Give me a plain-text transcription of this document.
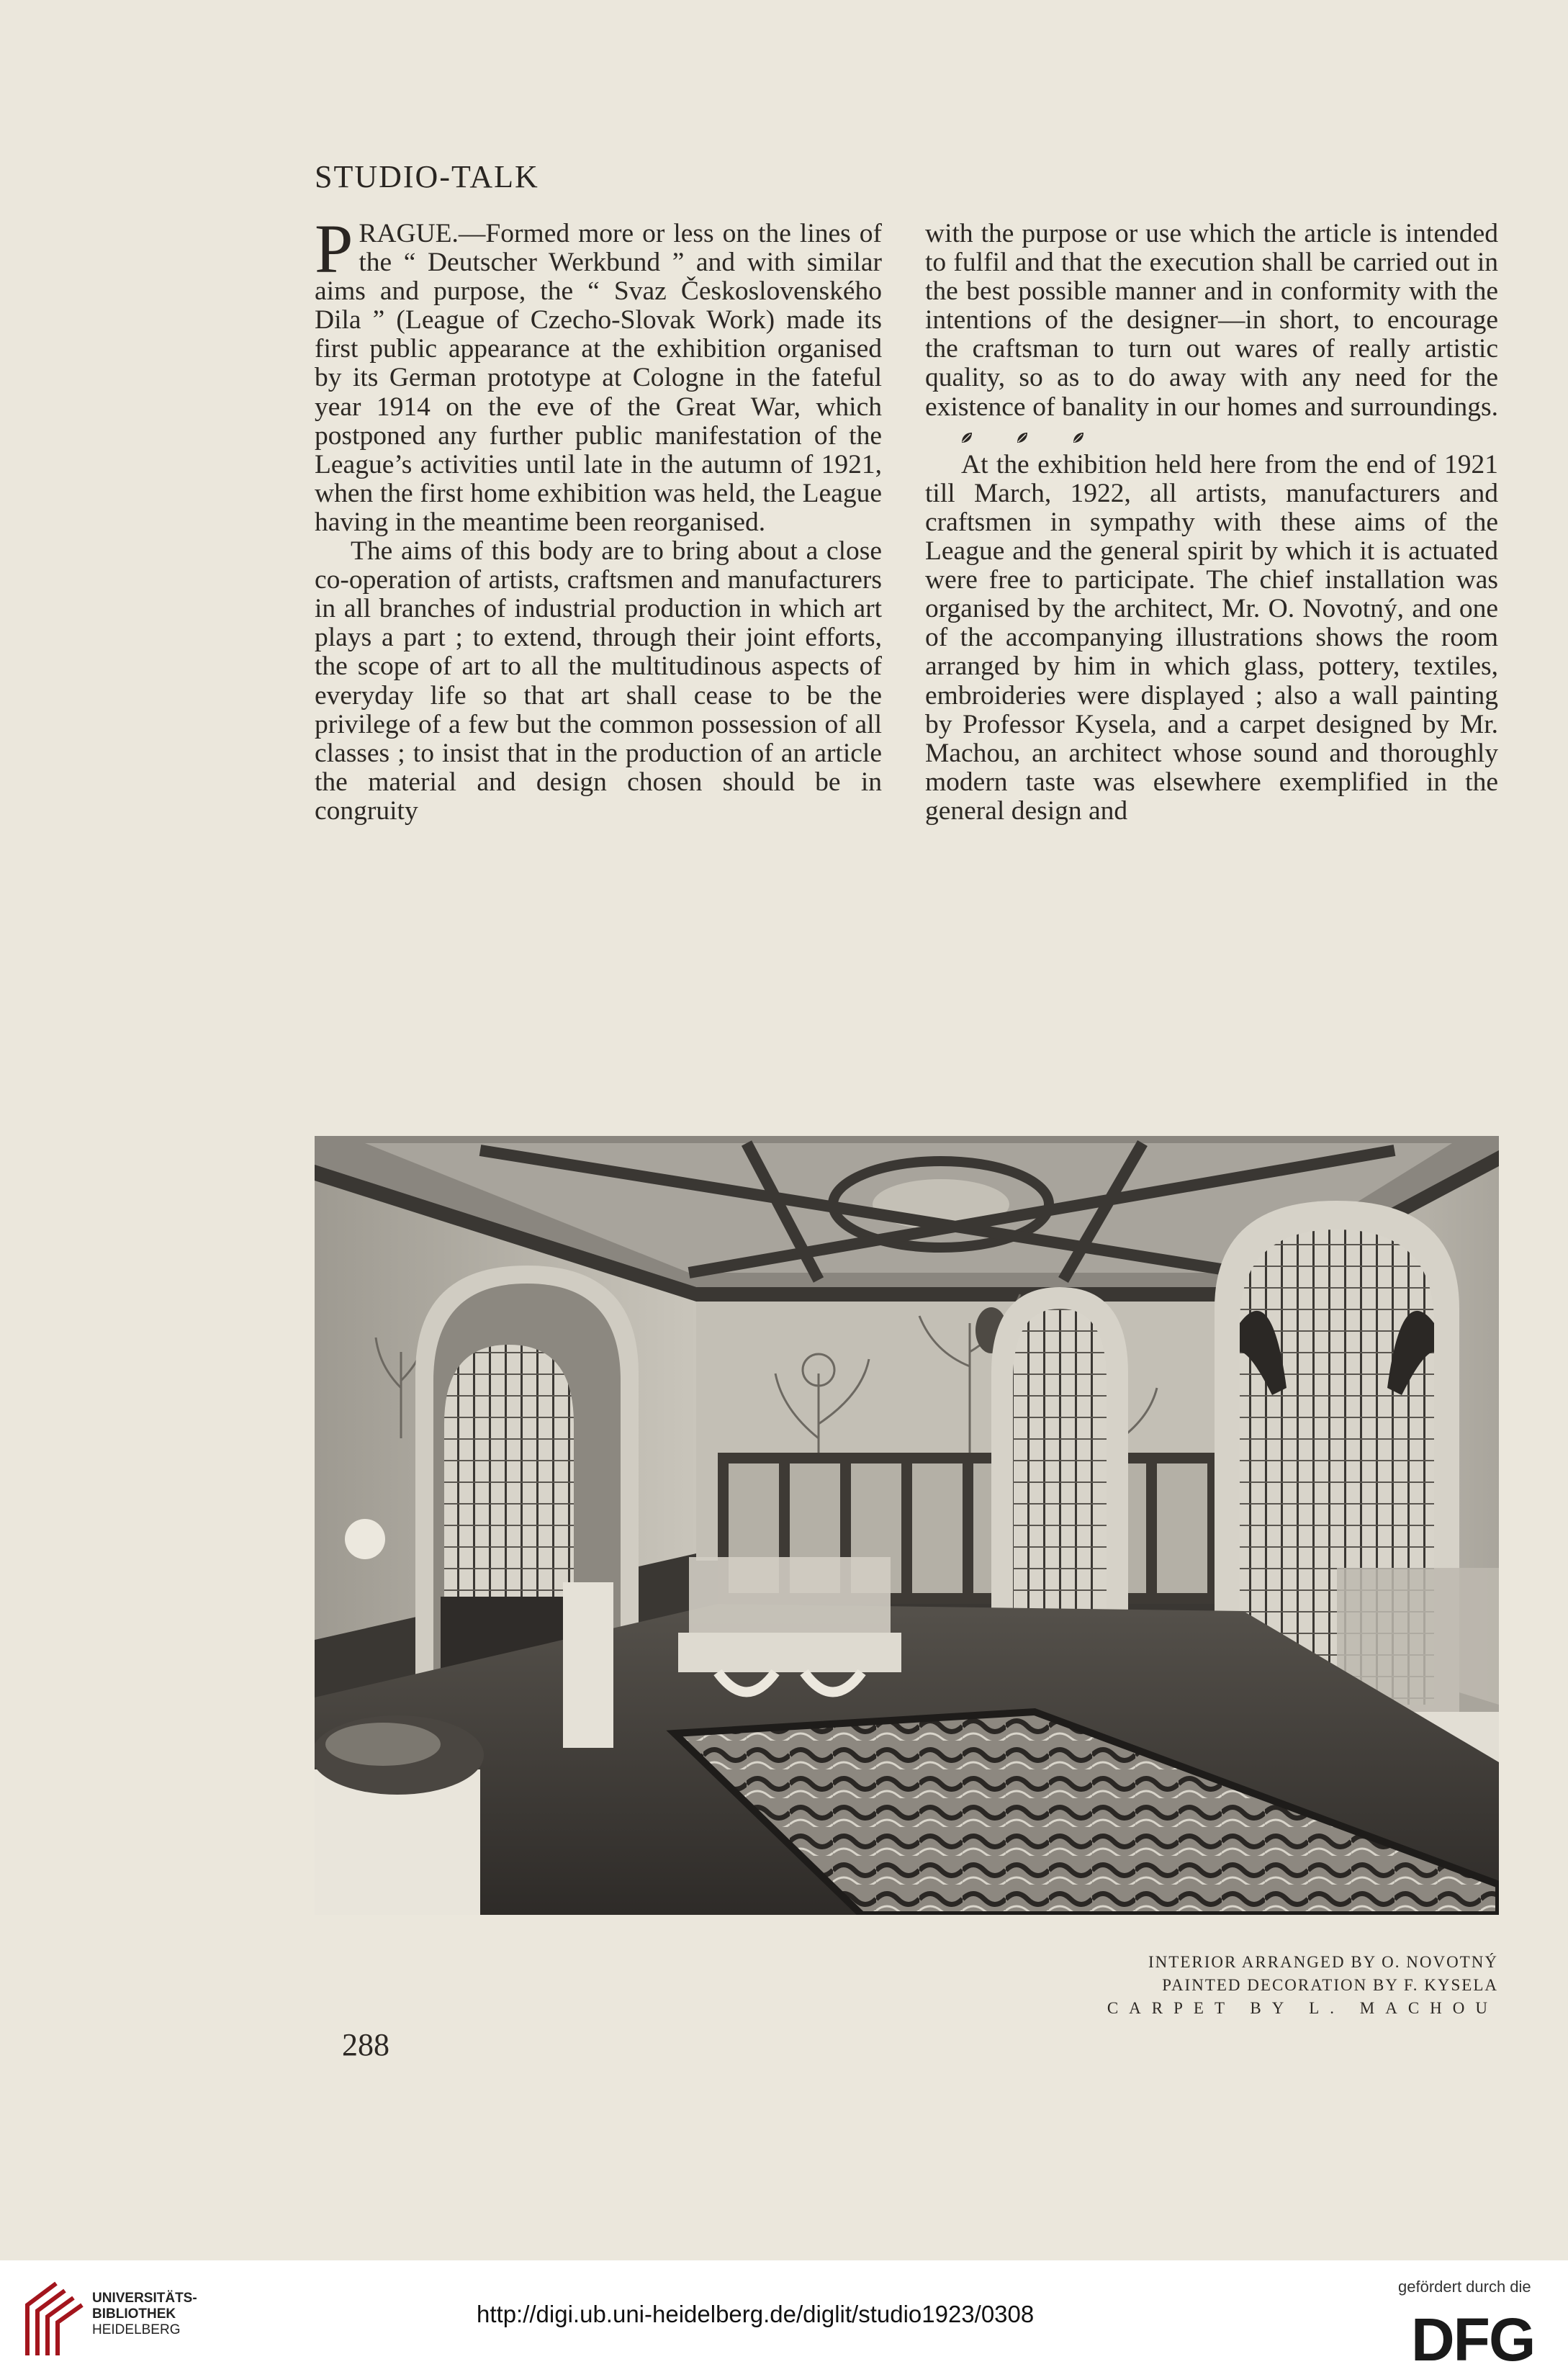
STUDIO-TALK

PRAGUE.—Formed more or less on the lines of the “ Deutscher Werkbund ” and with similar aims and purpose, the “ Svaz Československého Dila ” (League of Czecho-Slovak Work) made its first public appearance at the exhibition organised by its German prototype at Cologne in the fateful year 1914 on the eve of the Great War, which postponed any further public manifestation of the League’s activities until late in the autumn of 1921, when the first home exhibition was held, the League having in the meantime been reorganised.

The aims of this body are to bring about a close co-operation of artists, craftsmen and manufacturers in all branches of industrial production in which art plays a part ; to extend, through their joint efforts, the scope of art to all the multitudinous aspects of everyday life so that art shall cease to be the privilege of a few but the common possession of all classes ; to insist that in the production of an article the material and design chosen should be in congruity

with the purpose or use which the article is intended to fulfil and that the execution shall be carried out in the best possible manner and in conformity with the intentions of the designer—in short, to encourage the craftsman to turn out wares of really artistic quality, so as to do away with any need for the existence of banality in our homes and surroundings.

At the exhibition held here from the end of 1921 till March, 1922, all artists, manufacturers and craftsmen in sympathy with these aims of the League and the general spirit by which it is actuated were free to participate. The chief installation was organised by the architect, Mr. O. Novotný, and one of the accompanying illustrations shows the room arranged by him in which glass, pottery, textiles, embroideries were displayed ; also a wall painting by Professor Kysela, and a carpet designed by Mr. Machou, an architect whose sound and thoroughly modern taste was elsewhere exemplified in the general design and

INTERIOR ARRANGED BY O. NOVOTNÝ
PAINTED DECORATION BY F. KYSELA
CARPET BY L. MACHOU
288
UNIVERSITÄTS-
BIBLIOTHEK
HEIDELBERG
http://digi.ub.uni-heidelberg.de/diglit/studio1923/0308
gefördert durch die
DFG
